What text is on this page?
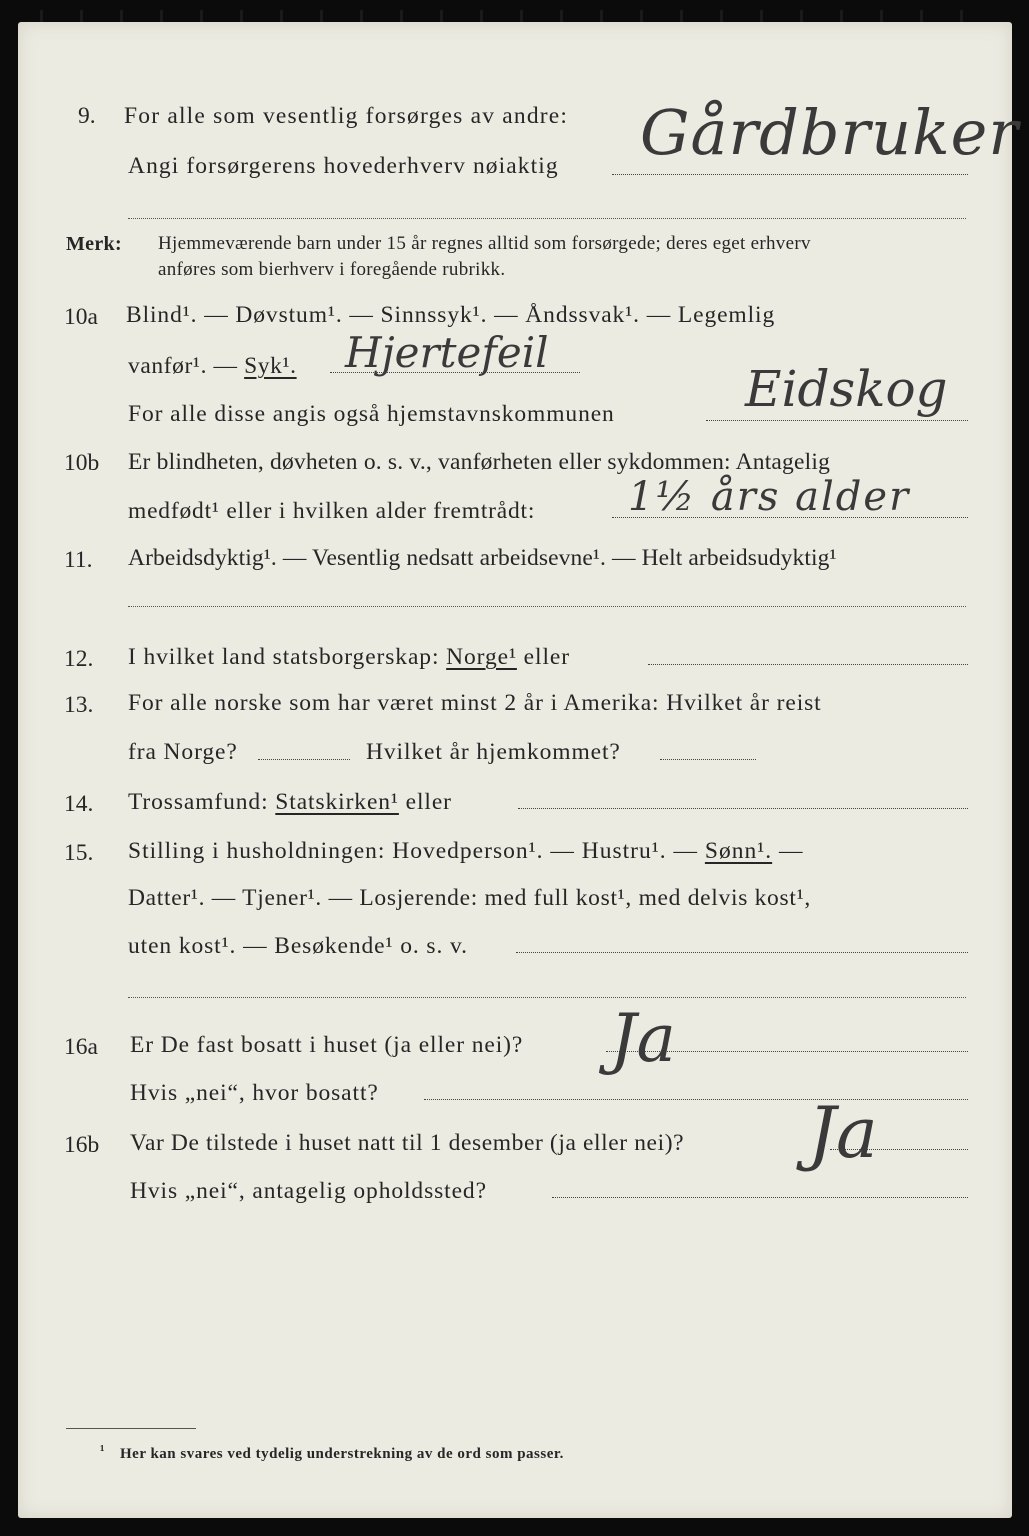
9. For alle som vesentlig forsørges av andre:
Angi forsørgerens hovederhverv nøiaktig Gårdbruker
Merk: Hjemmeværende barn under 15 år regnes alltid som forsørgede; deres eget erhverv
anføres som bierhverv i foregående rubrikk.
10a Blind¹. — Døvstum¹. — Sinnssyk¹. — Åndssvak¹. — Legemlig
vanfør¹. — Syk¹. Hjertefeil
For alle disse angis også hjemstavnskommunen	Eidskog
10b Er blindheten, døvheten o. s. v., vanførheten eller sykdommen: Antagelig
medfødt¹ eller i hvilken alder fremtrådt: 1½ års alder
11. Arbeidsdyktig¹. — Vesentlig nedsatt arbeidsevne¹. — Helt arbeidsudyktig¹
12. I hvilket land statsborgerskap: Norge¹ eller
13. For alle norske som har været minst 2 år i Amerika: Hvilket år reist
fra Norge?	Hvilket år hjemkommet?
14. Trossamfund: Statskirken¹ eller
15. Stilling i husholdningen: Hovedperson¹. — Hustru¹. — Sønn¹. —
Datter¹. — Tjener¹. — Losjerende: med full kost¹, med delvis kost¹,
uten kost¹. — Besøkende¹ o. s. v.
16a Er De fast bosatt i huset (ja eller nei)? Ja
Hvis „nei“, hvor bosatt?
16b Var De tilstede i huset natt til 1 desember (ja eller nei)? Ja
Hvis „nei“, antagelig opholdssted?
¹ Her kan svares ved tydelig understrekning av de ord som passer.
